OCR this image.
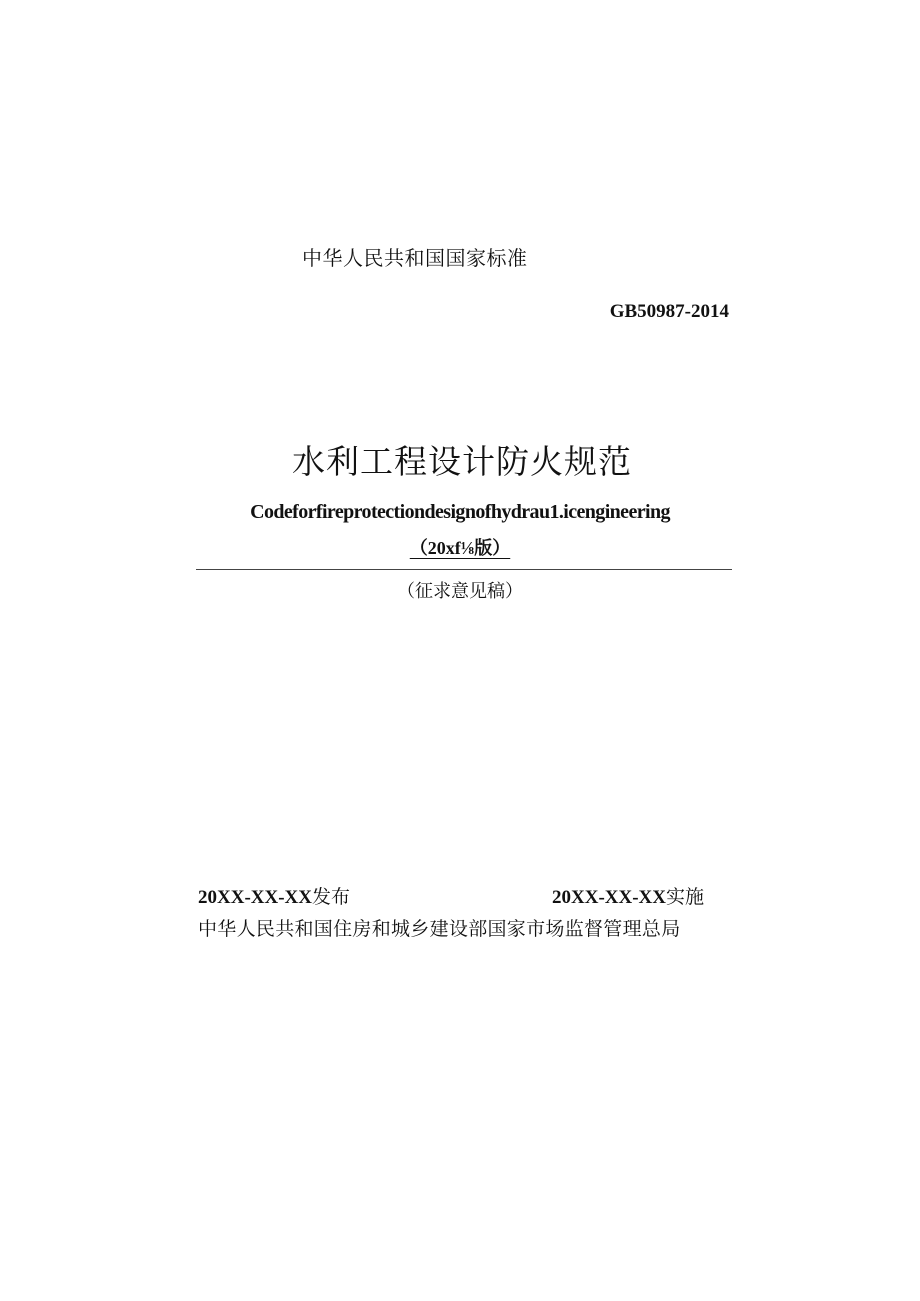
中华人民共和国国家标准
GB50987-2014
水利工程设计防火规范
Codeforfireprotectiondesignofhydrau1.icengineering
（20xf⅛版）
（征求意见稿）
20XX-XX-XX发布	20XX-XX-XX实施
中华人民共和国住房和城乡建设部国家市场监督管理总局
